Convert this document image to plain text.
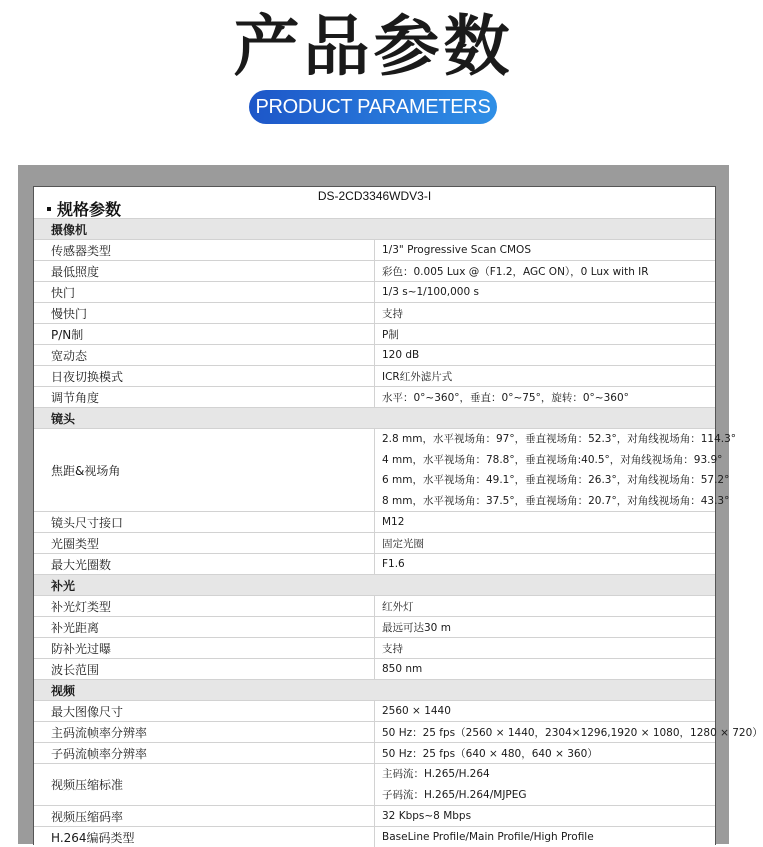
产品参数
PRODUCT PARAMETERS
DS-2CD3346WDV3-I
规格参数
摄像机	
传感器类型	1/3" Progressive Scan CMOS
最低照度	彩色：0.005 Lux @（F1.2，AGC ON），0 Lux with IR
快门	1/3 s~1/100,000 s
慢快门	支持
P/N制	P制
宽动态	120 dB
日夜切换模式	ICR红外滤片式
调节角度	水平：0°~360°，垂直：0°~75°，旋转：0°~360°
镜头	
焦距&视场角	2.8 mm，水平视场角：97°，垂直视场角：52.3°，对角线视场角：114.3°
4 mm，水平视场角：78.8°，垂直视场角:40.5°，对角线视场角：93.9°
6 mm，水平视场角：49.1°，垂直视场角：26.3°，对角线视场角：57.2°
8 mm，水平视场角：37.5°，垂直视场角：20.7°，对角线视场角：43.3°

镜头尺寸接口	M12
光圈类型	固定光圈
最大光圈数	F1.6
补光	
补光灯类型	红外灯
补光距离	最远可达30 m
防补光过曝	支持
波长范围	850 nm
视频	
最大图像尺寸	2560 × 1440
主码流帧率分辨率	50 Hz：25 fps（2560 × 1440，2304×1296,1920 × 1080，1280 × 720）
子码流帧率分辨率	50 Hz：25 fps（640 × 480，640 × 360）
视频压缩标准	主码流：H.265/H.264
子码流：H.265/H.264/MJPEG

视频压缩码率	32 Kbps~8 Mbps
H.264编码类型	BaseLine Profile/Main Profile/High Profile
